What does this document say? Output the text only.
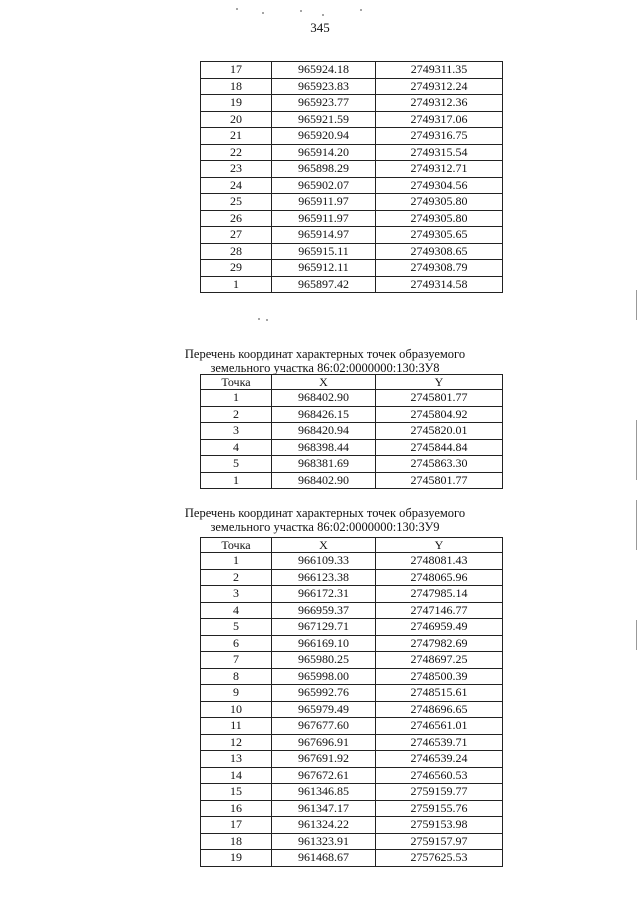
345
17	965924.18	2749311.35
18	965923.83	2749312.24
19	965923.77	2749312.36
20	965921.59	2749317.06
21	965920.94	2749316.75
22	965914.20	2749315.54
23	965898.29	2749312.71
24	965902.07	2749304.56
25	965911.97	2749305.80
26	965911.97	2749305.80
27	965914.97	2749305.65
28	965915.11	2749308.65
29	965912.11	2749308.79
1	965897.42	2749314.58
Перечень координат характерных точек образуемого
земельного участка 86:02:0000000:130:ЗУ8
Точка	X	Y
1	968402.90	2745801.77
2	968426.15	2745804.92
3	968420.94	2745820.01
4	968398.44	2745844.84
5	968381.69	2745863.30
1	968402.90	2745801.77
Перечень координат характерных точек образуемого
земельного участка 86:02:0000000:130:ЗУ9
Точка	X	Y
1	966109.33	2748081.43
2	966123.38	2748065.96
3	966172.31	2747985.14
4	966959.37	2747146.77
5	967129.71	2746959.49
6	966169.10	2747982.69
7	965980.25	2748697.25
8	965998.00	2748500.39
9	965992.76	2748515.61
10	965979.49	2748696.65
11	967677.60	2746561.01
12	967696.91	2746539.71
13	967691.92	2746539.24
14	967672.61	2746560.53
15	961346.85	2759159.77
16	961347.17	2759155.76
17	961324.22	2759153.98
18	961323.91	2759157.97
19	961468.67	2757625.53
